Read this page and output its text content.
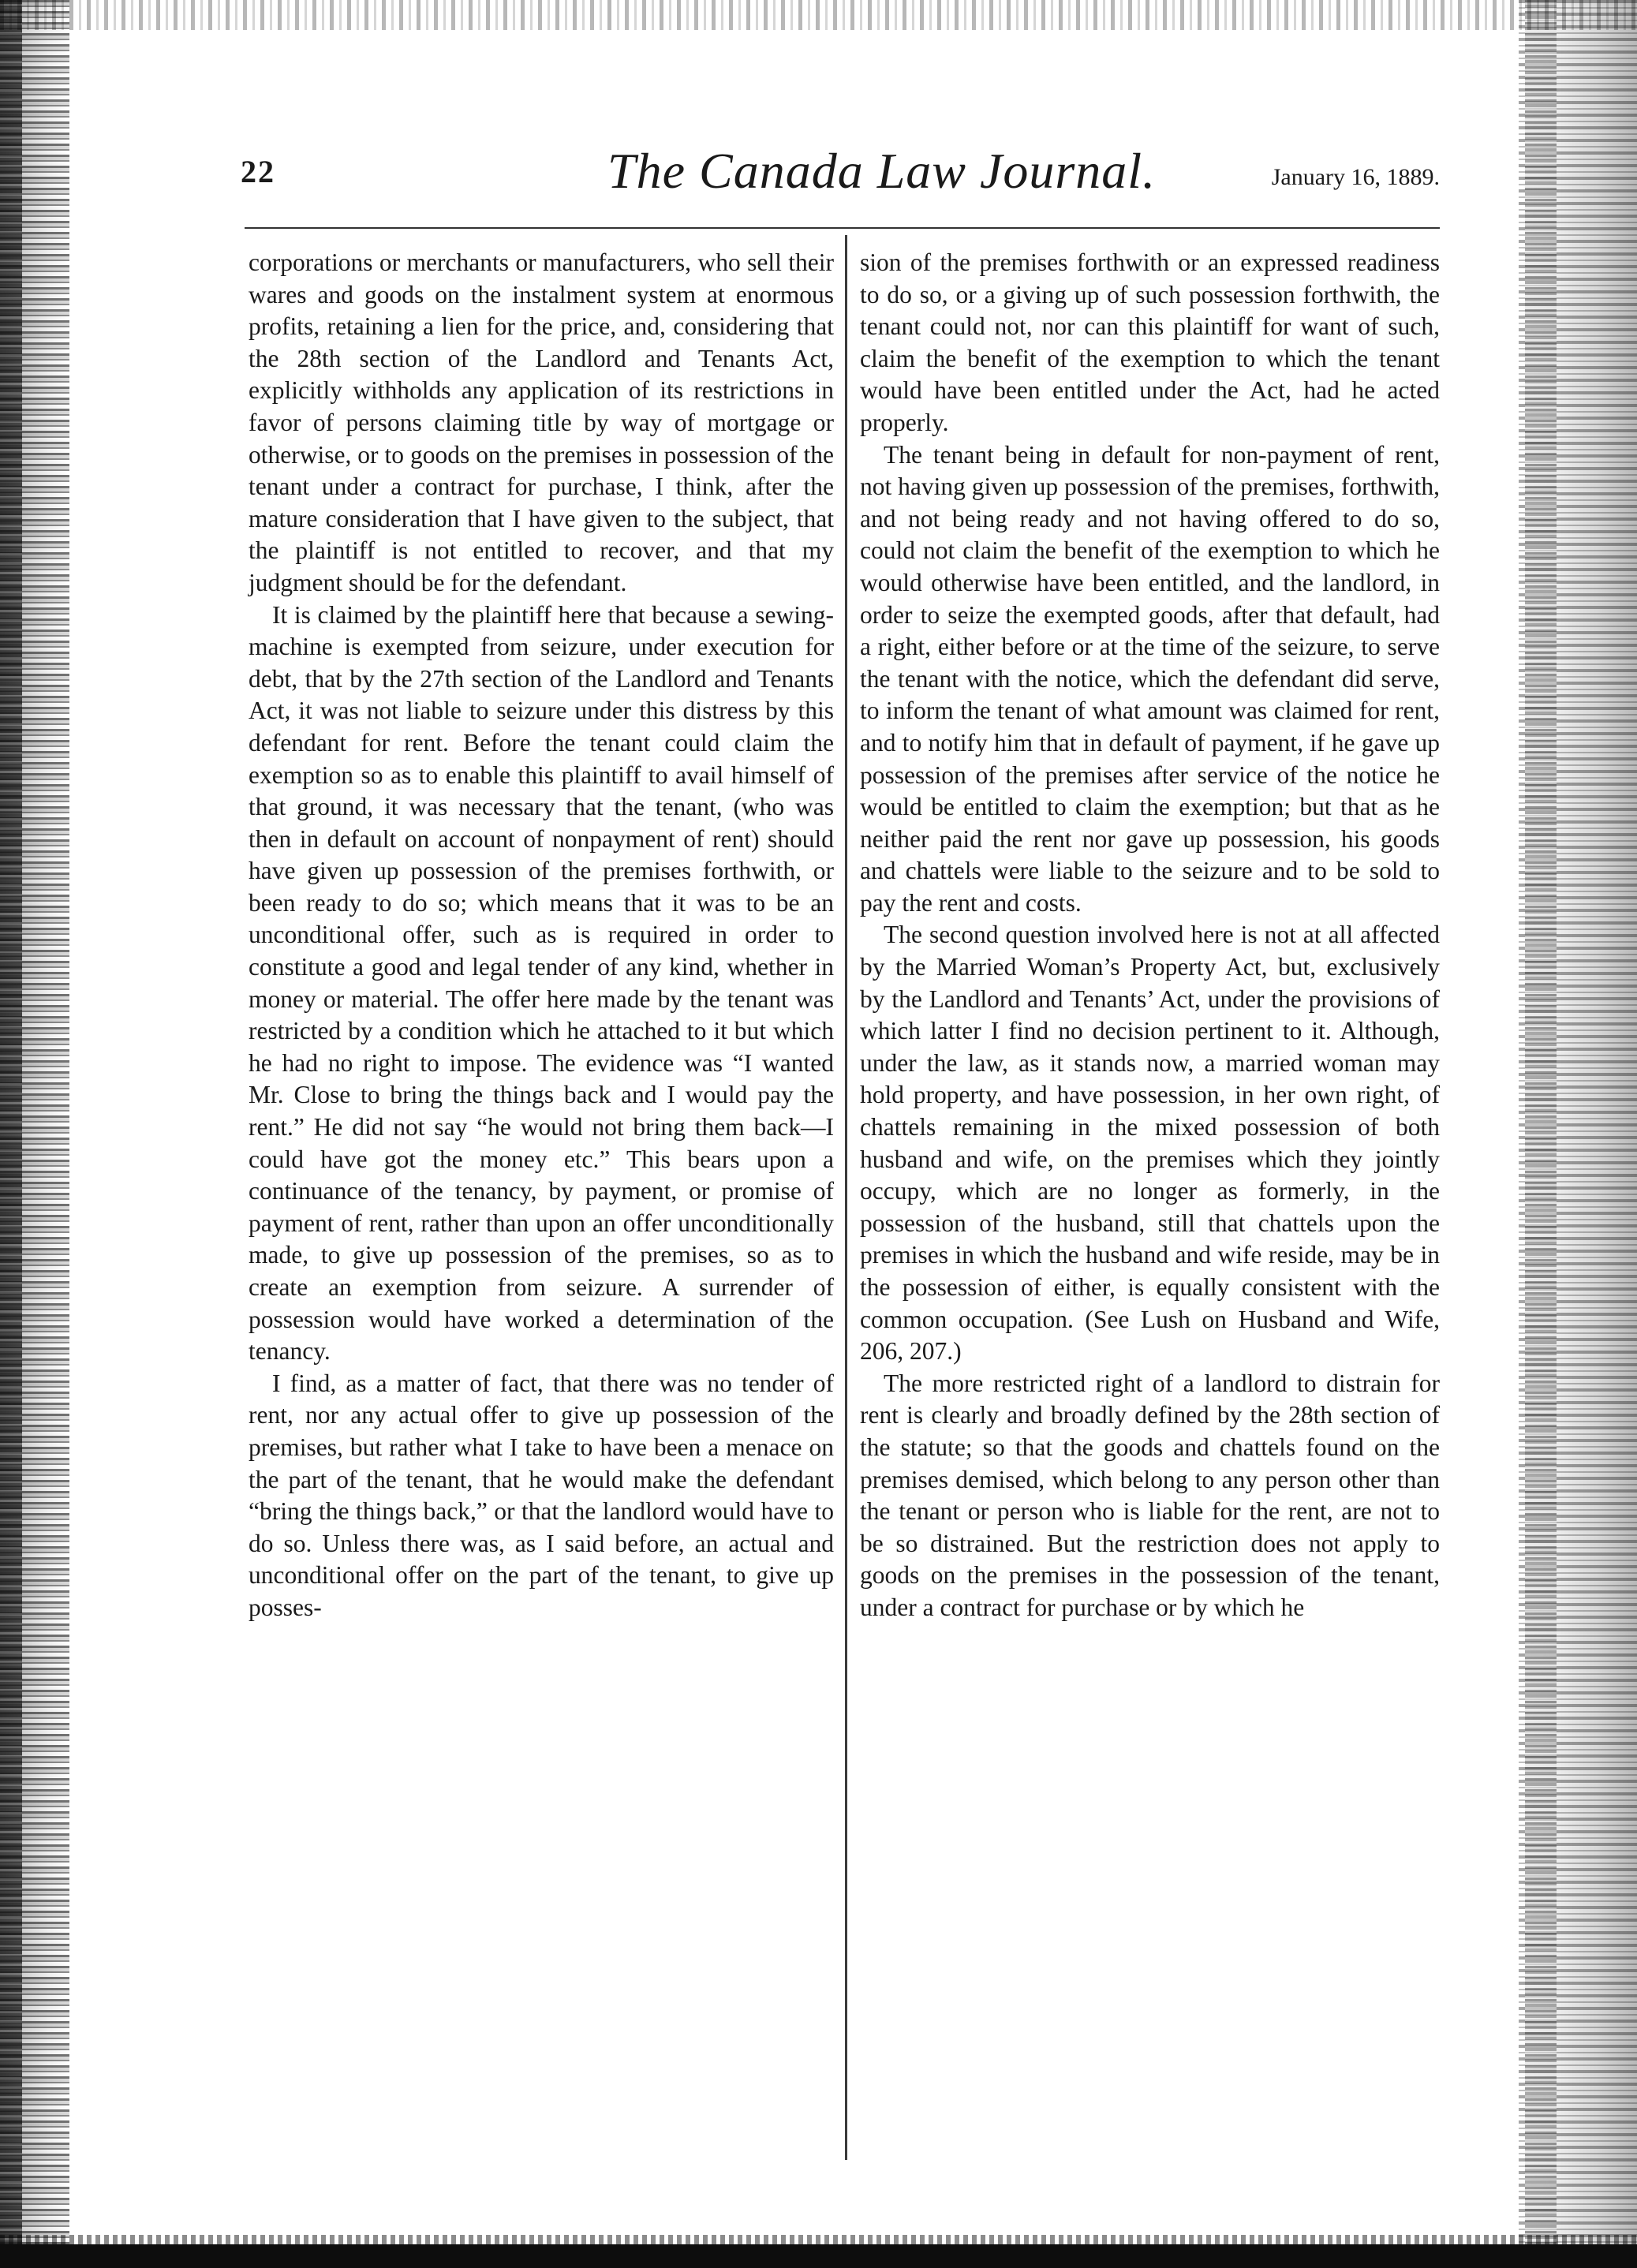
22	The Canada Law Journal.	January 16, 1889.

corporations or merchants or manufacturers, who sell their wares and goods on the instalment system at enormous profits, retaining a lien for the price, and, considering that the 28th section of the Landlord and Tenants Act, explicitly withholds any application of its restrictions in favor of persons claiming title by way of mortgage or otherwise, or to goods on the premises in possession of the tenant under a contract for purchase, I think, after the mature consideration that I have given to the subject, that the plaintiff is not entitled to recover, and that my judgment should be for the defendant.

It is claimed by the plaintiff here that because a sewing-machine is exempted from seizure, under execution for debt, that by the 27th section of the Landlord and Tenants Act, it was not liable to seizure under this distress by this defendant for rent. Before the tenant could claim the exemption so as to enable this plaintiff to avail himself of that ground, it was necessary that the tenant, (who was then in default on account of nonpayment of rent) should have given up possession of the premises forthwith, or been ready to do so; which means that it was to be an unconditional offer, such as is required in order to constitute a good and legal tender of any kind, whether in money or material. The offer here made by the tenant was restricted by a condition which he attached to it but which he had no right to impose. The evidence was “I wanted Mr. Close to bring the things back and I would pay the rent.” He did not say “he would not bring them back—I could have got the money etc.” This bears upon a continuance of the tenancy, by payment, or promise of payment of rent, rather than upon an offer unconditionally made, to give up possession of the premises, so as to create an exemption from seizure. A surrender of possession would have worked a determination of the tenancy.

I find, as a matter of fact, that there was no tender of rent, nor any actual offer to give up possession of the premises, but rather what I take to have been a menace on the part of the tenant, that he would make the defendant “bring the things back,” or that the landlord would have to do so. Unless there was, as I said before, an actual and unconditional offer on the part of the tenant, to give up posses-

sion of the premises forthwith or an expressed readiness to do so, or a giving up of such possession forthwith, the tenant could not, nor can this plaintiff for want of such, claim the benefit of the exemption to which the tenant would have been entitled under the Act, had he acted properly.

The tenant being in default for non-payment of rent, not having given up possession of the premises, forthwith, and not being ready and not having offered to do so, could not claim the benefit of the exemption to which he would otherwise have been entitled, and the landlord, in order to seize the exempted goods, after that default, had a right, either before or at the time of the seizure, to serve the tenant with the notice, which the defendant did serve, to inform the tenant of what amount was claimed for rent, and to notify him that in default of payment, if he gave up possession of the premises after service of the notice he would be entitled to claim the exemption; but that as he neither paid the rent nor gave up possession, his goods and chattels were liable to the seizure and to be sold to pay the rent and costs.

The second question involved here is not at all affected by the Married Woman’s Property Act, but, exclusively by the Landlord and Tenants’ Act, under the provisions of which latter I find no decision pertinent to it. Although, under the law, as it stands now, a married woman may hold property, and have possession, in her own right, of chattels remaining in the mixed possession of both husband and wife, on the premises which they jointly occupy, which are no longer as formerly, in the possession of the husband, still that chattels upon the premises in which the husband and wife reside, may be in the possession of either, is equally consistent with the common occupation. (See Lush on Husband and Wife, 206, 207.)

The more restricted right of a landlord to distrain for rent is clearly and broadly defined by the 28th section of the statute; so that the goods and chattels found on the premises demised, which belong to any person other than the tenant or person who is liable for the rent, are not to be so distrained. But the restriction does not apply to goods on the premises in the possession of the tenant, under a contract for purchase or by which he
